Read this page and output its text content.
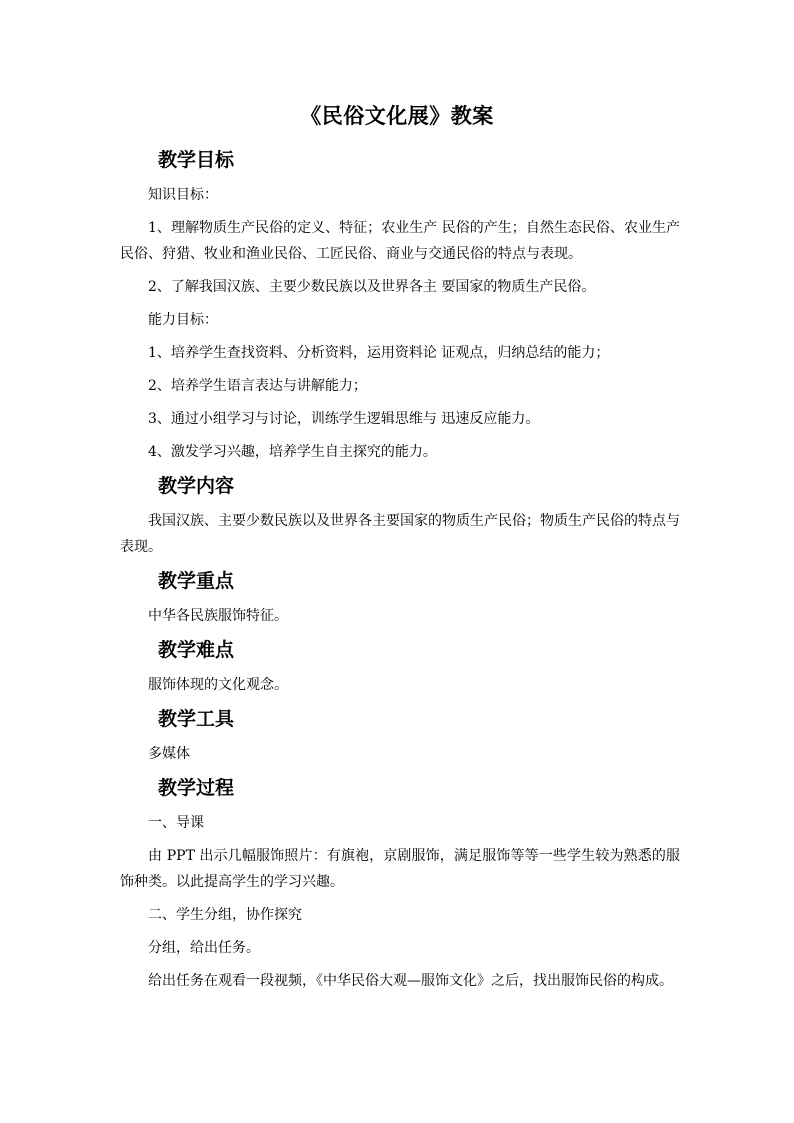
《民俗文化展》教案
教学目标

知识目标：

1、理解物质生产民俗的定义、特征；农业生产 民俗的产生；自然生态民俗、农业生产民俗、狩猎、牧业和渔业民俗、工匠民俗、商业与交通民俗的特点与表现。

2、了解我国汉族、主要少数民族以及世界各主 要国家的物质生产民俗。

能力目标：

1、培养学生查找资料、分析资料，运用资料论 证观点，归纳总结的能力；

2、培养学生语言表达与讲解能力；

3、通过小组学习与讨论，训练学生逻辑思维与 迅速反应能力。

4、激发学习兴趣，培养学生自主探究的能力。

教学内容

我国汉族、主要少数民族以及世界各主要国家的物质生产民俗；物质生产民俗的特点与表现。

教学重点

中华各民族服饰特征。

教学难点

服饰体现的文化观念。

教学工具

多媒体

教学过程

一、导课

由 PPT 出示几幅服饰照片：有旗袍，京剧服饰，满足服饰等等一些学生较为熟悉的服饰种类。以此提高学生的学习兴趣。

二、学生分组，协作探究

分组，给出任务。

给出任务在观看一段视频，《中华民俗大观—服饰文化》之后，找出服饰民俗的构成。
